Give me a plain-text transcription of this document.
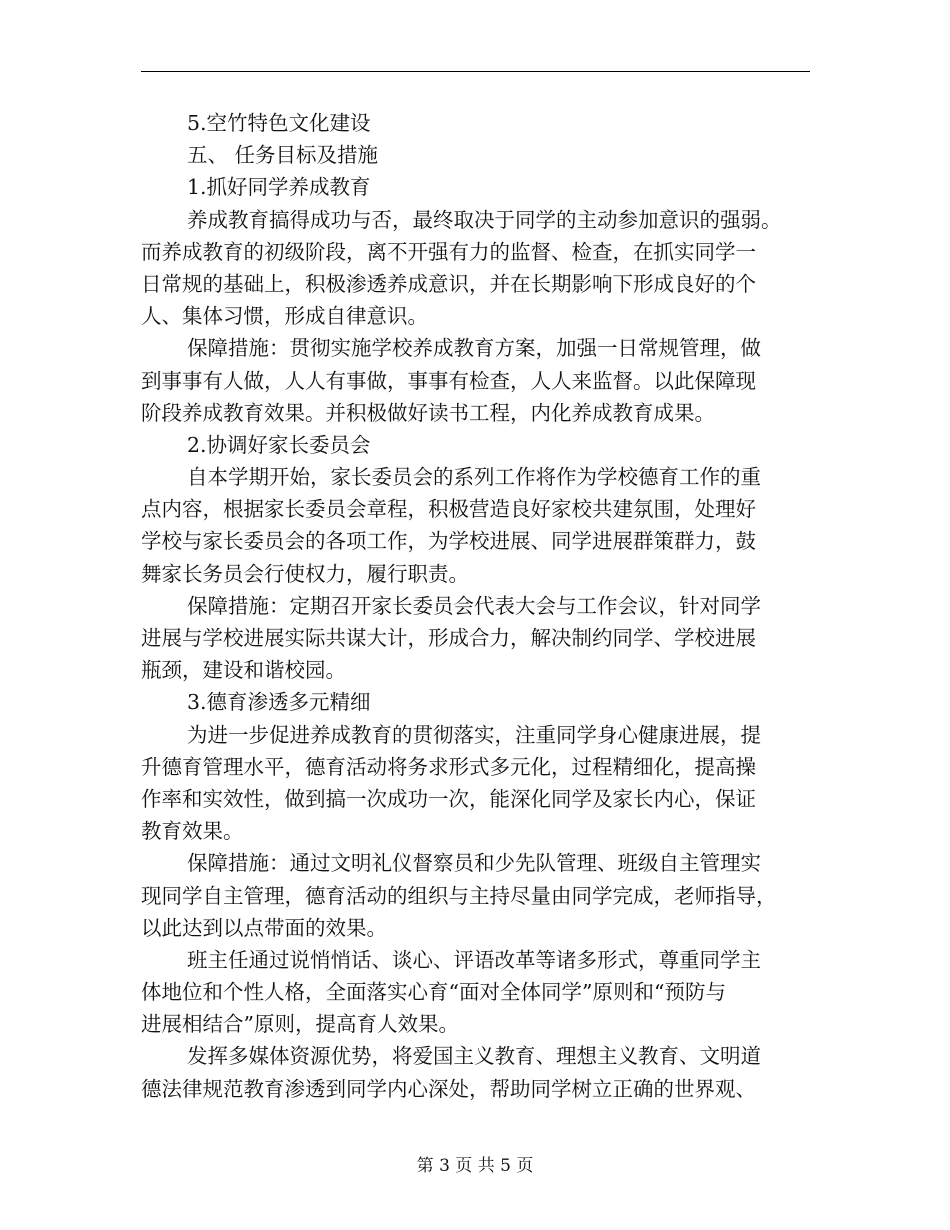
5.空竹特色文化建设
五、 任务目标及措施
1.抓好同学养成教育
养成教育搞得成功与否，最终取决于同学的主动参加意识的强弱。
而养成教育的初级阶段，离不开强有力的监督、检查，在抓实同学一
日常规的基础上，积极渗透养成意识，并在长期影响下形成良好的个
人、集体习惯，形成自律意识。
保障措施：贯彻实施学校养成教育方案，加强一日常规管理，做
到事事有人做，人人有事做，事事有检查，人人来监督。以此保障现
阶段养成教育效果。并积极做好读书工程，内化养成教育成果。
2.协调好家长委员会
自本学期开始，家长委员会的系列工作将作为学校德育工作的重
点内容，根据家长委员会章程，积极营造良好家校共建氛围，处理好
学校与家长委员会的各项工作，为学校进展、同学进展群策群力，鼓
舞家长务员会行使权力，履行职责。
保障措施：定期召开家长委员会代表大会与工作会议，针对同学
进展与学校进展实际共谋大计，形成合力，解决制约同学、学校进展
瓶颈，建设和谐校园。
3.德育渗透多元精细
为进一步促进养成教育的贯彻落实，注重同学身心健康进展，提
升德育管理水平，德育活动将务求形式多元化，过程精细化，提高操
作率和实效性，做到搞一次成功一次，能深化同学及家长内心，保证
教育效果。
保障措施：通过文明礼仪督察员和少先队管理、班级自主管理实
现同学自主管理，德育活动的组织与主持尽量由同学完成，老师指导，
以此达到以点带面的效果。
班主任通过说悄悄话、谈心、评语改革等诸多形式，尊重同学主
体地位和个性人格，全面落实心育“面对全体同学”原则和“预防与
进展相结合”原则，提高育人效果。
发挥多媒体资源优势，将爱国主义教育、理想主义教育、文明道
德法律规范教育渗透到同学内心深处，帮助同学树立正确的世界观、
第 3 页 共 5 页
